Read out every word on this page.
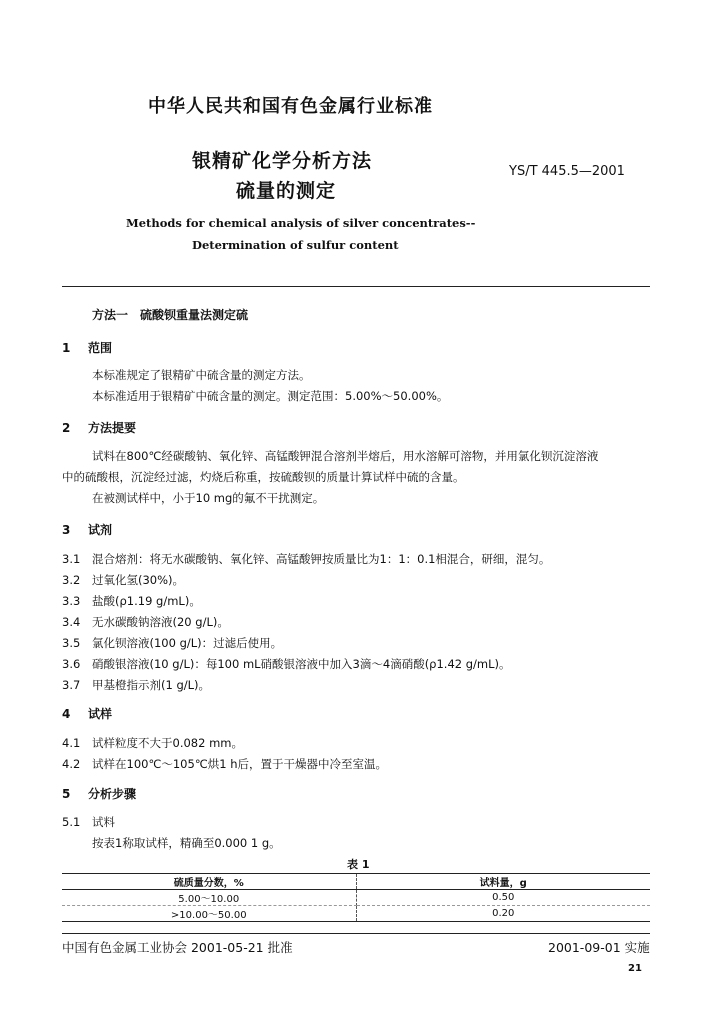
中华人民共和国有色金属行业标准
银精矿化学分析方法
硫量的测定
YS/T 445.5—2001
Methods for chemical analysis of silver concentrates--
Determination of sulfur content
方法一　硫酸钡重量法测定硫
1 范围
本标准规定了银精矿中硫含量的测定方法。
本标准适用于银精矿中硫含量的测定。测定范围：5.00%～50.00%。
2 方法提要
试料在800℃经碳酸钠、氧化锌、高锰酸钾混合溶剂半熔后，用水溶解可溶物，并用氯化钡沉淀溶液
中的硫酸根，沉淀经过滤，灼烧后称重，按硫酸钡的质量计算试样中硫的含量。
在被测试样中，小于10 mg的氟不干扰测定。
3 试剂
3.1 混合熔剂：将无水碳酸钠、氧化锌、高锰酸钾按质量比为1：1：0.1相混合，研细，混匀。
3.2 过氧化氢(30%)。
3.3 盐酸(ρ1.19 g/mL)。
3.4 无水碳酸钠溶液(20 g/L)。
3.5 氯化钡溶液(100 g/L)：过滤后使用。
3.6 硝酸银溶液(10 g/L)：每100 mL硝酸银溶液中加入3滴～4滴硝酸(ρ1.42 g/mL)。
3.7 甲基橙指示剂(1 g/L)。
4 试样
4.1 试样粒度不大于0.082 mm。
4.2 试样在100℃～105℃烘1 h后，置于干燥器中冷至室温。
5 分析步骤
5.1 试料
按表1称取试样，精确至0.000 1 g。
表 1
硫质量分数，%	试料量，g
5.00～10.00	0.50
>10.00～50.00	0.20
中国有色金属工业协会 2001-05-21 批准	2001-09-01 实施
21
